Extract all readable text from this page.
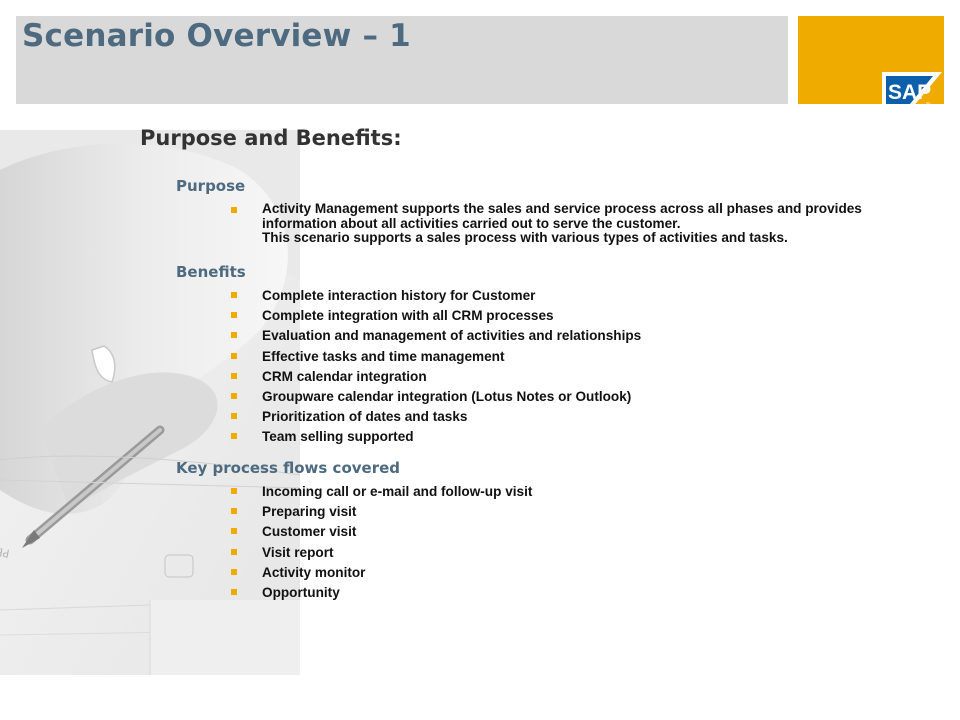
Scenario Overview – 1
SAP
®
Purpose and Benefits:
Purpose
Activity Management supports the sales and service process across all phases and provides information about all activities carried out to serve the customer.
This scenario supports a sales process with various types of activities and tasks.
Benefits
Complete interaction history for Customer
Complete integration with all CRM processes
Evaluation and management of activities and relationships
Effective tasks and time management
CRM calendar integration
Groupware calendar integration (Lotus Notes or Outlook)
Prioritization of dates and tasks
Team selling supported
Key process flows covered
Incoming call or e-mail and follow-up visit
Preparing visit
Customer visit
Visit report
Activity monitor
Opportunity
